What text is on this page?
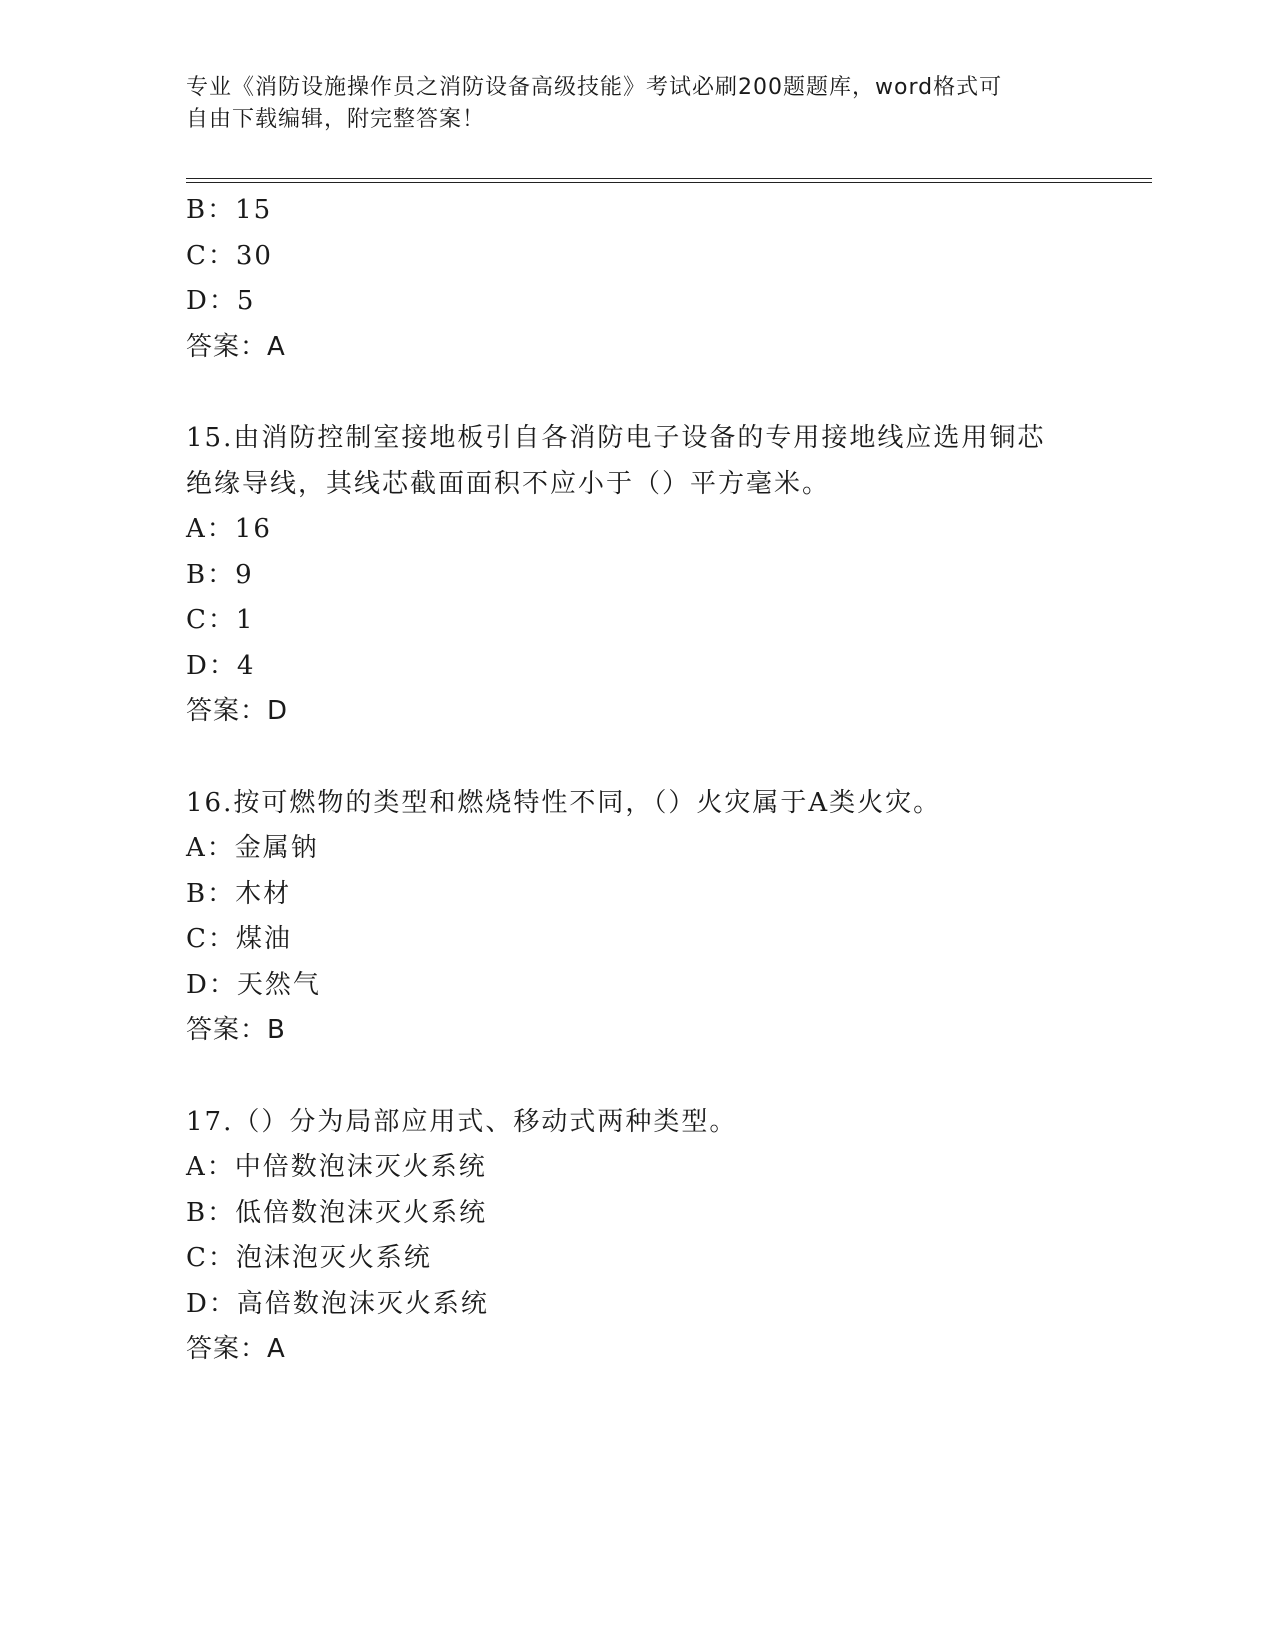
专业《消防设施操作员之消防设备高级技能》考试必刷200题题库，word格式可
自由下载编辑，附完整答案！
B：15
C：30
D：5
答案：A
15.由消防控制室接地板引自各消防电子设备的专用接地线应选用铜芯
绝缘导线，其线芯截面面积不应小于（）平方毫米。
A：16
B：9
C：1
D：4
答案：D
16.按可燃物的类型和燃烧特性不同，（）火灾属于A类火灾。
A：金属钠
B：木材
C：煤油
D：天然气
答案：B
17.（）分为局部应用式、移动式两种类型。
A：中倍数泡沫灭火系统
B：低倍数泡沫灭火系统
C：泡沫泡灭火系统
D：高倍数泡沫灭火系统
答案：A
